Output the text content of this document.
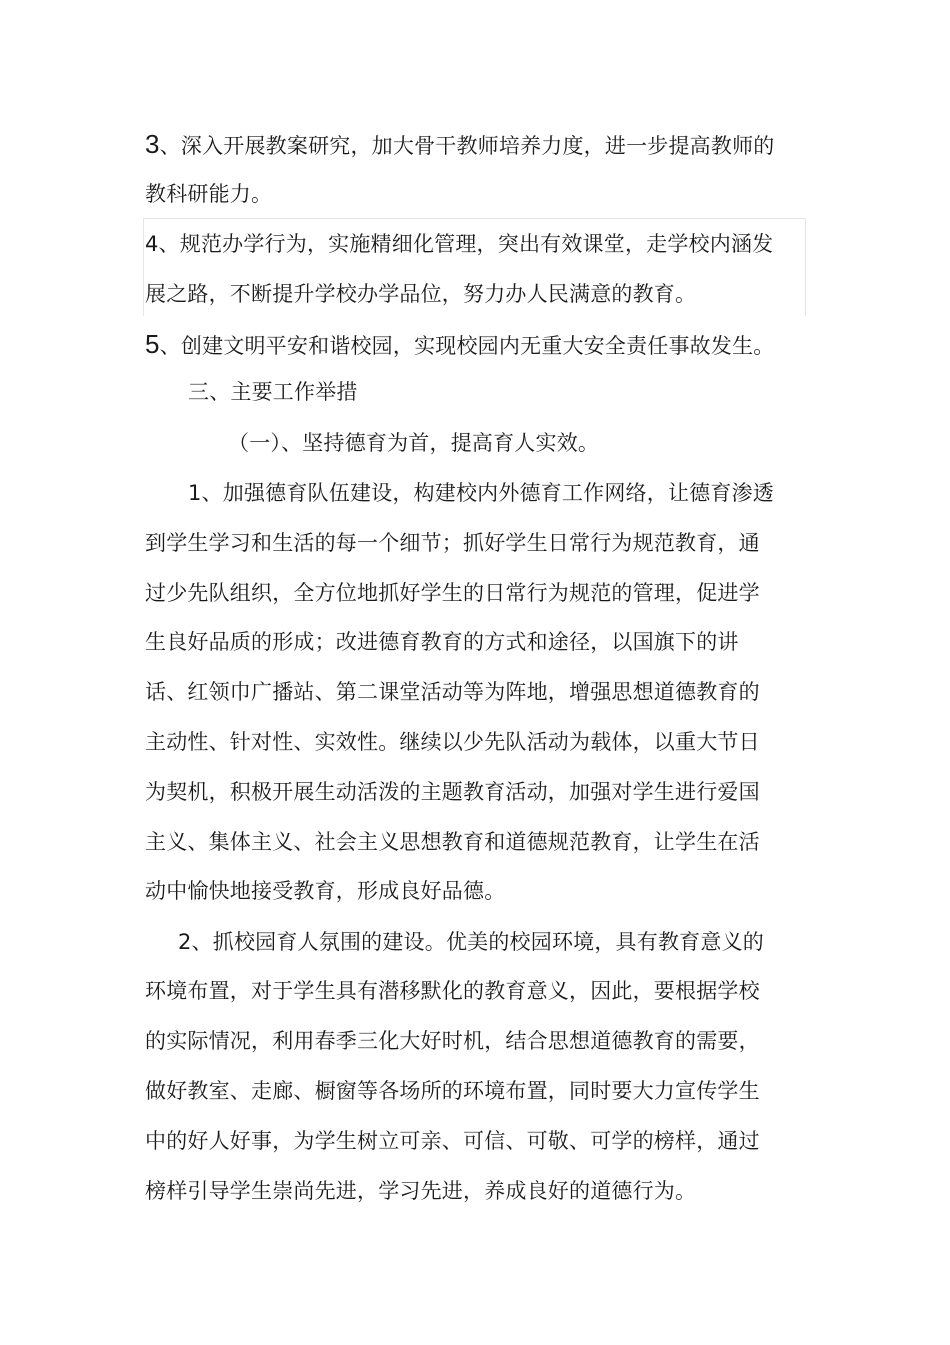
3、深入开展教案研究，加大骨干教师培养力度，进一步提高教师的
教科研能力。
4、规范办学行为，实施精细化管理，突出有效课堂，走学校内涵发
展之路，不断提升学校办学品位，努力办人民满意的教育。
5、创建文明平安和谐校园，实现校园内无重大安全责任事故发生。
三、主要工作举措
（一）、坚持德育为首，提高育人实效。
1、加强德育队伍建设，构建校内外德育工作网络，让德育渗透
到学生学习和生活的每一个细节；抓好学生日常行为规范教育，通
过少先队组织，全方位地抓好学生的日常行为规范的管理，促进学
生良好品质的形成；改进德育教育的方式和途径，以国旗下的讲
话、红领巾广播站、第二课堂活动等为阵地，增强思想道德教育的
主动性、针对性、实效性。继续以少先队活动为载体，以重大节日
为契机，积极开展生动活泼的主题教育活动，加强对学生进行爱国
主义、集体主义、社会主义思想教育和道德规范教育，让学生在活
动中愉快地接受教育，形成良好品德。
2、抓校园育人氛围的建设。优美的校园环境，具有教育意义的
环境布置，对于学生具有潜移默化的教育意义，因此，要根据学校
的实际情况，利用春季三化大好时机，结合思想道德教育的需要，
做好教室、走廊、橱窗等各场所的环境布置，同时要大力宣传学生
中的好人好事，为学生树立可亲、可信、可敬、可学的榜样，通过
榜样引导学生崇尚先进，学习先进，养成良好的道德行为。
